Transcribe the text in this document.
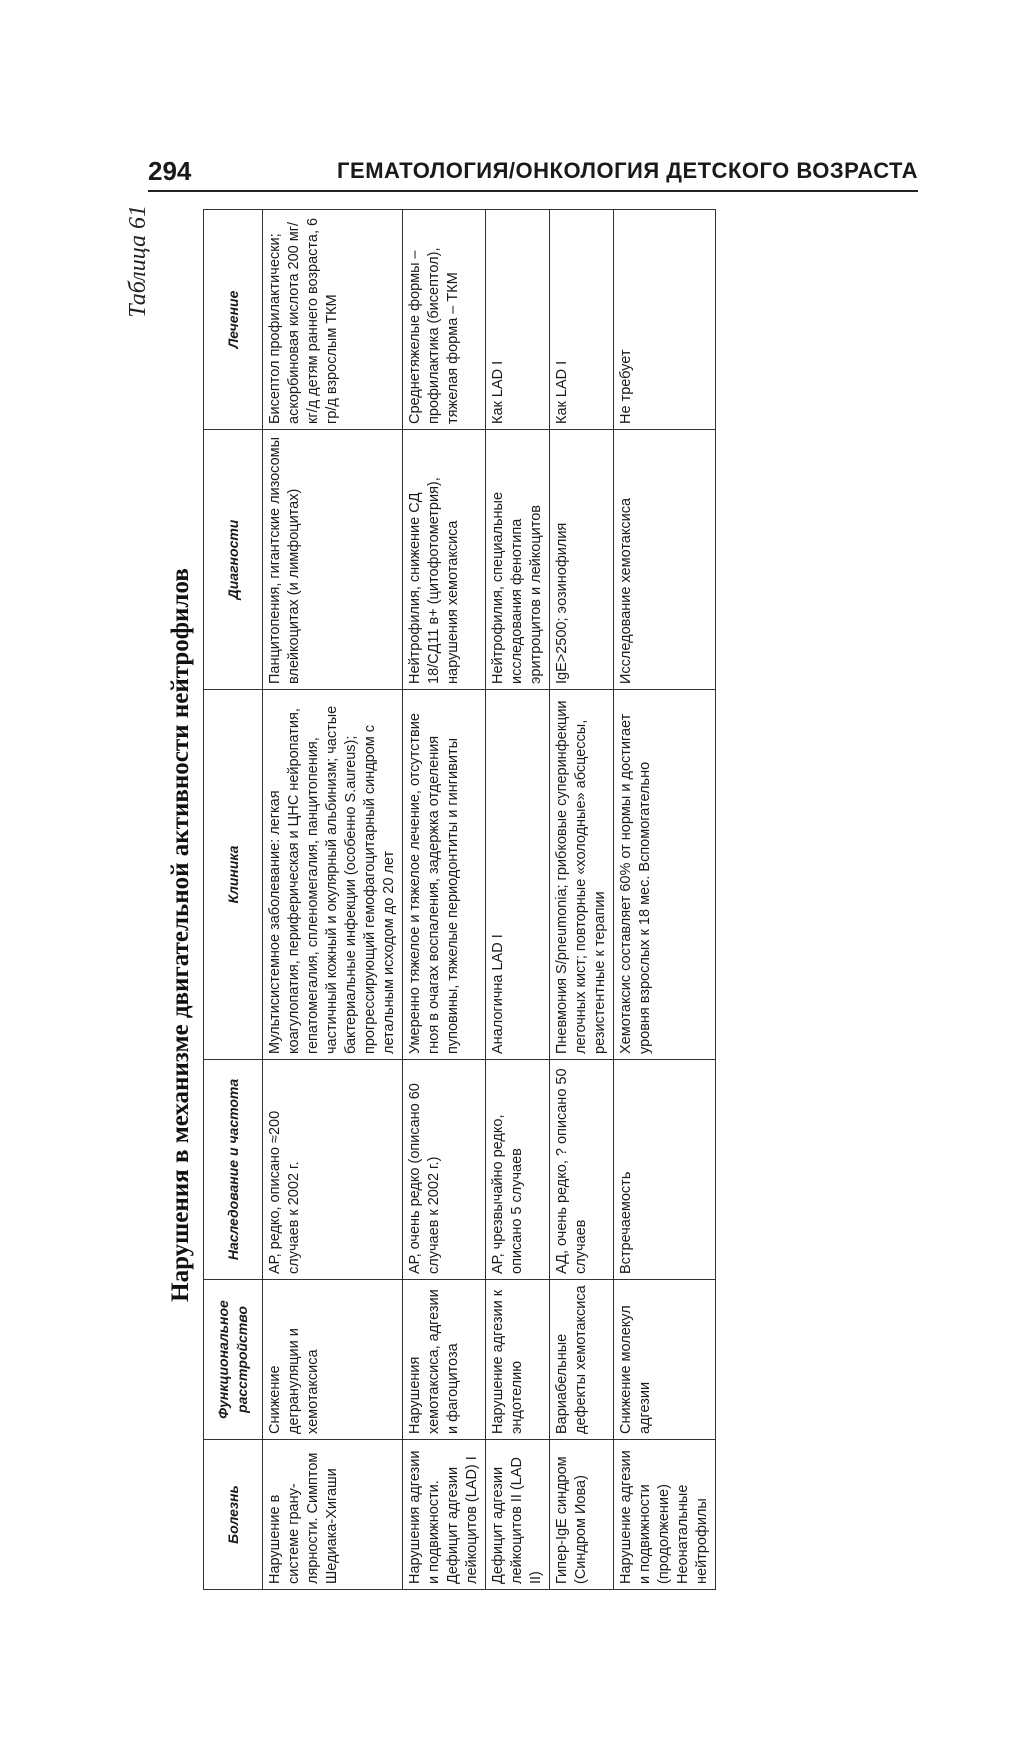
294	ГЕМАТОЛОГИЯ/ОНКОЛОГИЯ ДЕТСКОГО ВОЗРАСТА
Таблица 61
Нарушения в механизме двигательной активности нейтрофилов
Болезнь	Функциональное расстройство	Наследование и частота	Клиника	Диагности	Лечение
Нарушение в системе грану-лярности. Симптом Шедиака-Хигаши	Снижение дегрануляции и хемотаксиса	АР, редко, описано ≈200 случаев к 2002 г.	Мультисистемное заболевание: легкая коагулопатия, периферическая и ЦНС нейропатия, гепатомегалия, спленомегалия, панцитопения, частичный кожный и окулярный альбинизм; частые бактериальные инфекции (особенно S.aureus); прогрессирующий гемофагоцитарный синдром с летальным исходом до 20 лет	Панцитопения, гигантские лизосомы влейкоцитах (и лимфоцитах)	Бисептол профилактически; аскорбиновая кислота 200 мг/кг/д детям раннего возраста, 6 гр/д взрослым ТКМ
Нарушения адгезии и подвижности. Дефицит адгезии лейкоцитов (LAD) I	Нарушения хемотаксиса, адгезии и фагоцитоза	АР, очень редко (описано 60 случаев к 2002 г.)	Умеренно тяжелое и тяжелое лечение, отсутствие гноя в очагах воспаления, задержка отделения пуповины, тяжелые периодонтиты и гингивиты	Нейтрофилия, снижение CД 18/CД11 в+ (цитофотометрия), нарушения хемотаксиса	Среднетяжелые формы – профилактика (бисептол), тяжелая форма – ТКМ
Дефицит адгезии лейкоцитов II (LAD II)	Нарушение адгезии к эндотелию	АР, чрезвычайно редко, описано 5 случаев	Аналогична LAD I	Нейтрофилия, специальные исследования фенотипа эритроцитов и лейкоцитов	Как LAD I
Гипер-IgE синдром (Синдром Иова)	Вариабельные дефекты хемотаксиса	АД, очень редко, ? описано 50 случаев	Пневмония S/pneumonia; грибковые суперинфекции легочных кист; повторные «холодные» абсцессы, резистентные к терапии	IgE>2500; эозинофилия	Как LAD I
Нарушение адгезии и подвижности (продолжение) Неонатальные нейтрофилы	Снижение молекул адгезии	Встречаемость	Хемотаксис составляет 60% от нормы и достигает уровня взрослых к 18 мес. Вспомогательно	Исследование хемотаксиса	Не требует
